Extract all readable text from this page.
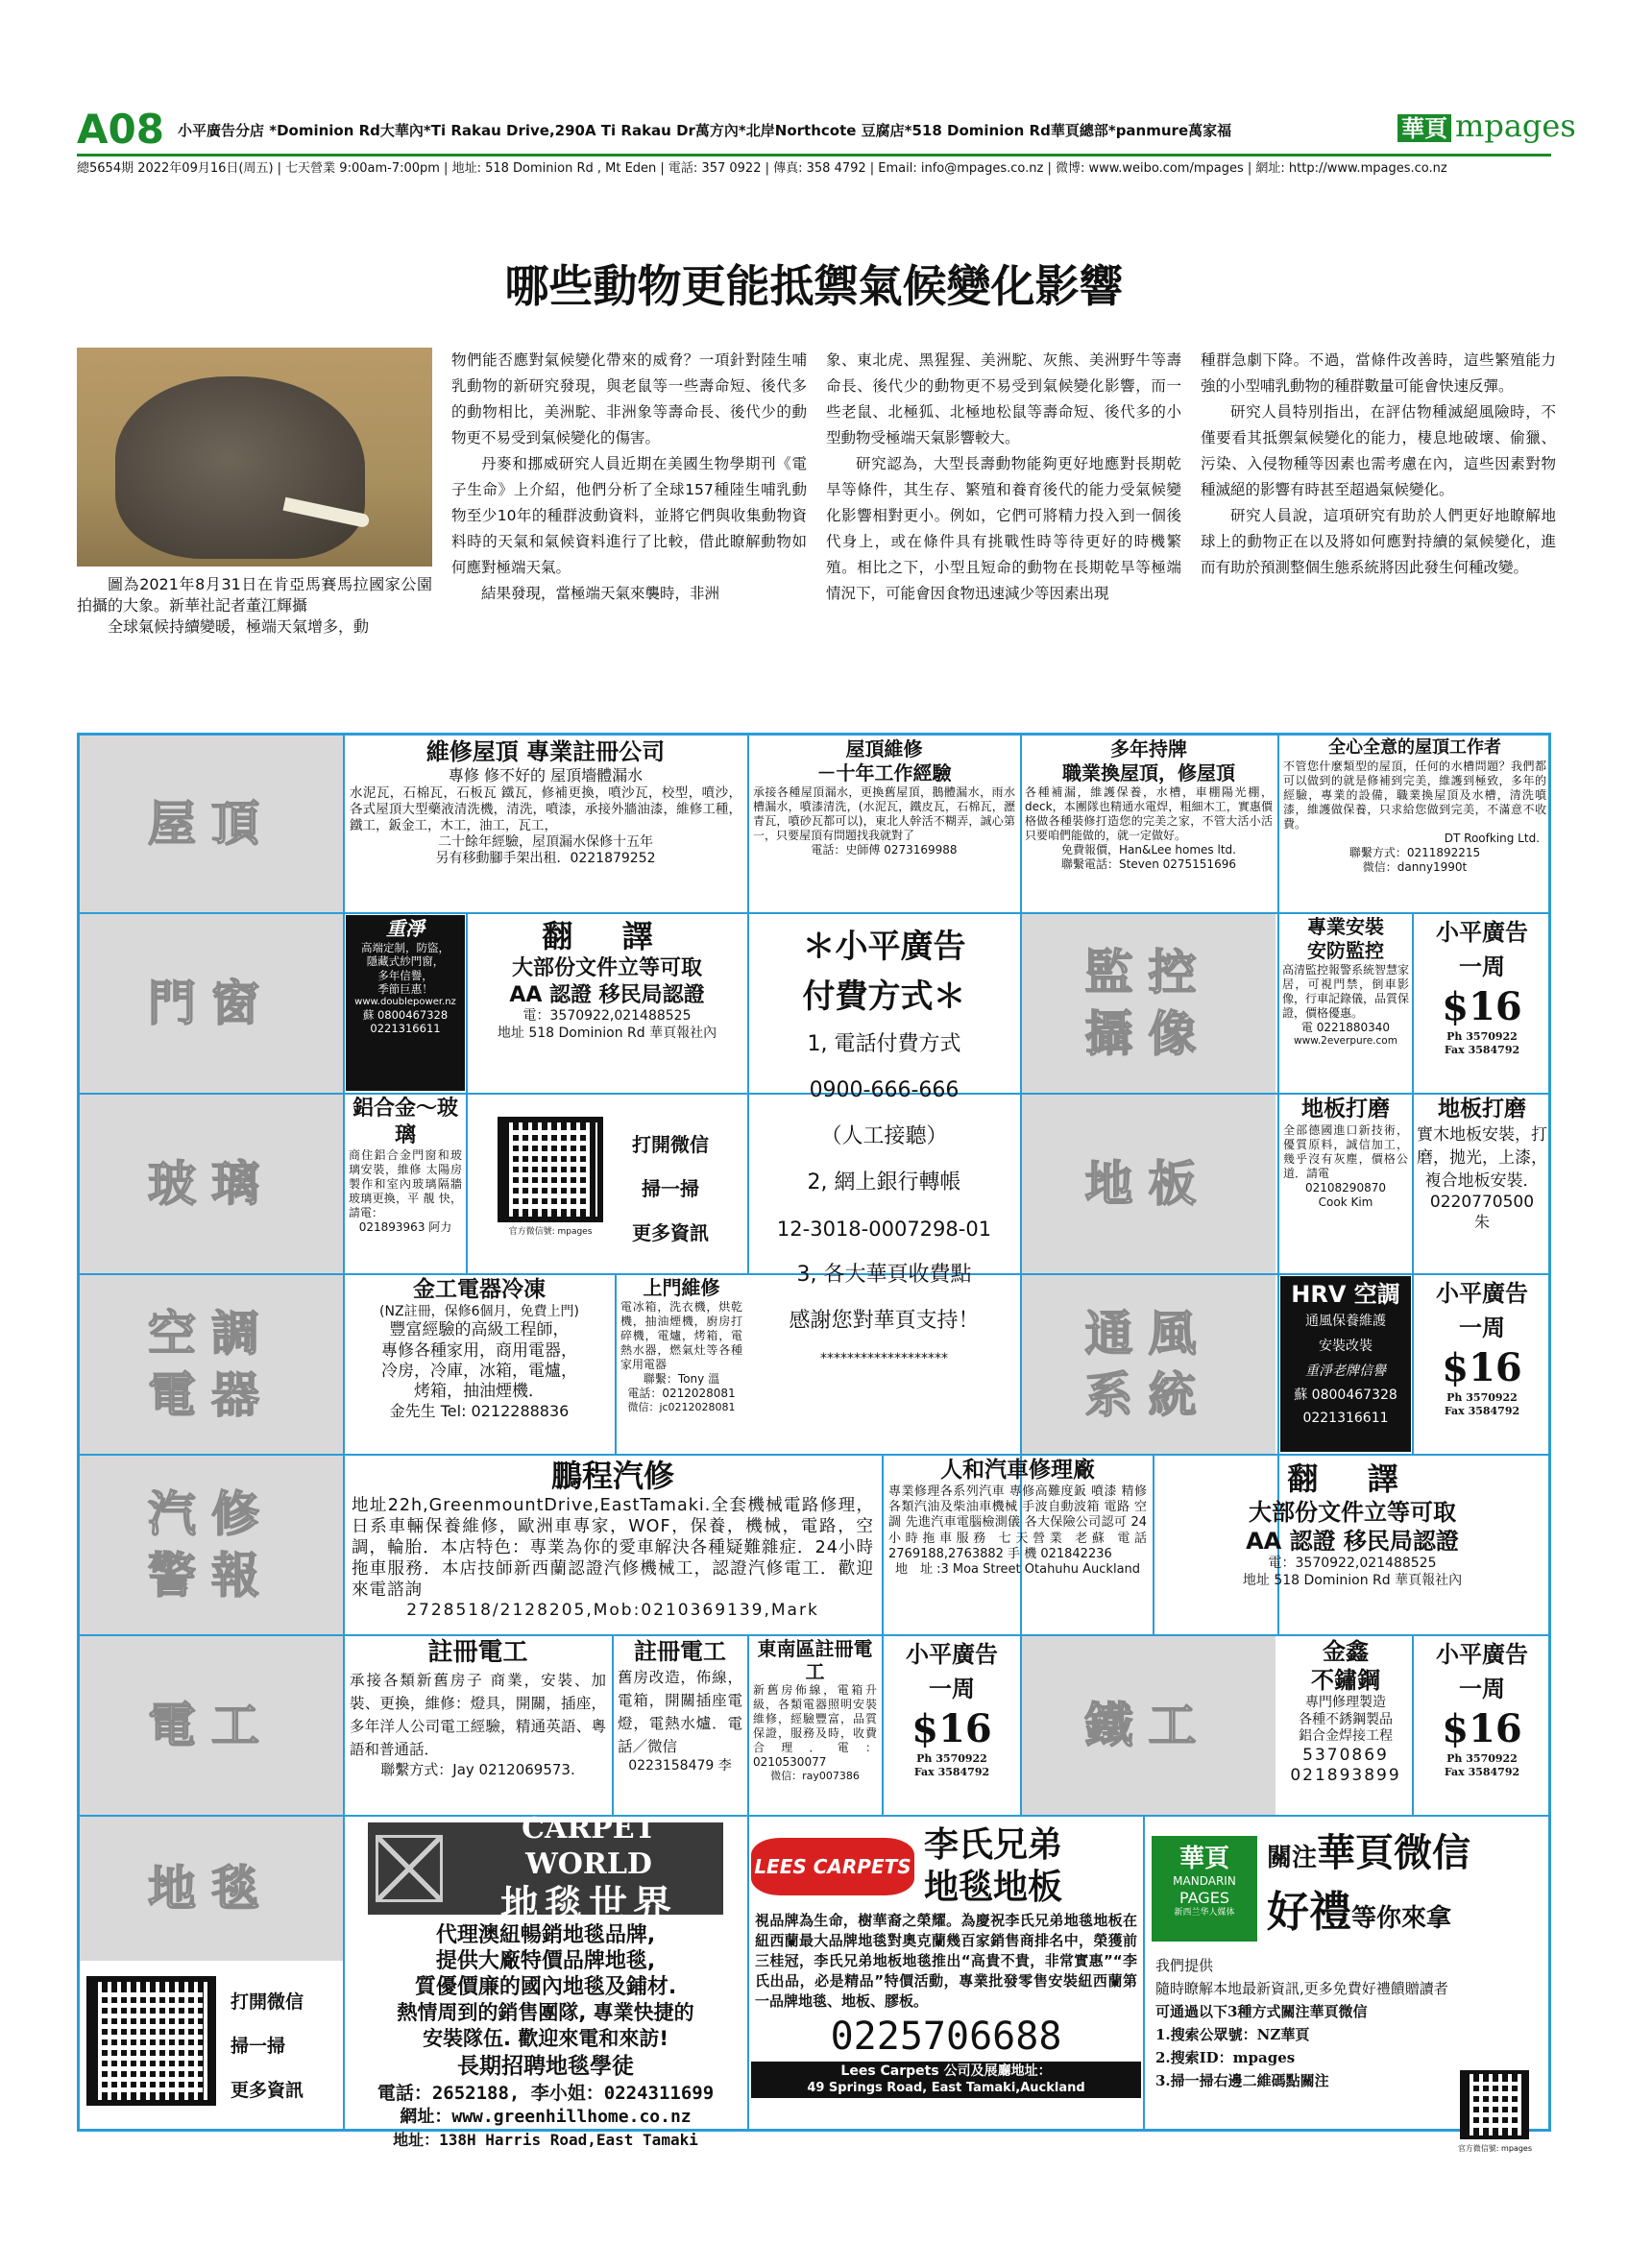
A08 小平廣告分店 *Dominion Rd大華內*Ti Rakau Drive,290A Ti Rakau Dr萬方內*北岸Northcote 豆腐店*518 Dominion Rd華頁總部*panmure萬家福	華頁 mpages
總5654期 2022年09月16日(周五) | 七天營業 9:00am-7:00pm | 地址: 518 Dominion Rd , Mt Eden | 電話: 357 0922 | 傳真: 358 4792 | Email: info@mpages.co.nz | 微博: www.weibo.com/mpages | 網址: http://www.mpages.co.nz
哪些動物更能抵禦氣候變化影響

圖為2021年8月31日在肯亞馬賽馬拉國家公園拍攝的大象。新華社記者董江輝攝

全球氣候持續變暖，極端天氣增多，動

物們能否應對氣候變化帶來的威脅？一項針對陸生哺乳動物的新研究發現，與老鼠等一些壽命短、後代多的動物相比，美洲駝、非洲象等壽命長、後代少的動物更不易受到氣候變化的傷害。

丹麥和挪威研究人員近期在美國生物學期刊《電子生命》上介紹，他們分析了全球157種陸生哺乳動物至少10年的種群波動資料，並將它們與收集動物資料時的天氣和氣候資料進行了比較，借此瞭解動物如何應對極端天氣。

結果發現，當極端天氣來襲時，非洲

象、東北虎、黑猩猩、美洲駝、灰熊、美洲野牛等壽命長、後代少的動物更不易受到氣候變化影響，而一些老鼠、北極狐、北極地松鼠等壽命短、後代多的小型動物受極端天氣影響較大。

研究認為，大型長壽動物能夠更好地應對長期乾旱等條件，其生存、繁殖和養育後代的能力受氣候變化影響相對更小。例如，它們可將精力投入到一個後代身上，或在條件具有挑戰性時等待更好的時機繁殖。相比之下，小型且短命的動物在長期乾旱等極端情況下，可能會因食物迅速減少等因素出現

種群急劇下降。不過，當條件改善時，這些繁殖能力強的小型哺乳動物的種群數量可能會快速反彈。

研究人員特別指出，在評估物種滅絕風險時，不僅要看其抵禦氣候變化的能力，棲息地破壞、偷獵、污染、入侵物種等因素也需考慮在內，這些因素對物種滅絕的影響有時甚至超過氣候變化。

研究人員說，這項研究有助於人們更好地瞭解地球上的動物正在以及將如何應對持續的氣候變化，進而有助於預測整個生態系統將因此發生何種改變。

屋頂
門窗
玻璃
空調電器
汽修警報
電工
地毯
監控攝像
地板
通風系統
鐵工

維修屋頂 專業註冊公司

專修 修不好的 屋頂墻體漏水

水泥瓦，石棉瓦，石板瓦 鐵瓦，修補更換，噴沙瓦，校型，噴沙，各式屋頂大型藥液清洗機，清洗，噴漆，承接外牆油漆，維修工種，鐵工，鈑金工，木工，油工，瓦工，

二十餘年經驗，屋頂漏水保修十五年

另有移動腳手架出租．0221879252

屋頂維修

－十年工作經驗

承接各種屋頂漏水，更換舊屋頂，鵝體漏水，雨水槽漏水，噴漆清洗，(水泥瓦，鐵皮瓦，石棉瓦，瀝青瓦，噴砂瓦都可以)，東北人幹活不糊弄，誠心第一，只要屋頂有問題找我就對了

電話：史師傅 0273169988

多年持牌

職業換屋頂，修屋頂

各種補漏，維護保養，水槽，車棚陽光棚，deck，本團隊也精通水電焊，粗細木工，實惠價格做各種裝修打造您的完美之家，不管大活小活只要咱們能做的，就一定做好。

免費報價，Han&Lee homes ltd.

聯繫電話：Steven 0275151696

全心全意的屋頂工作者

不管您什麼類型的屋頂，任何的水槽問題？我們都可以做到的就是修補到完美，維護到極致，多年的經驗，專業的設備，職業換屋頂及水槽，清洗噴漆，維護做保養，只求給您做到完美，不滿意不收費。

DT Roofking Ltd.

聯繫方式：0211892215

微信：danny1990t

重淨

高端定制，防盜，

隱藏式紗門窗，

多年信譽，

季節巨惠！

www.doublepower.nz

蘇 0800467328

0221316611

翻 譯

大部份文件立等可取

AA 認證 移民局認證

電：3570922,021488525

地址 518 Dominion Rd 華頁報社內

＊小平廣告

付費方式＊

1, 電話付費方式

0900-666-666

（人工接聽）

2, 網上銀行轉帳

12-3018-0007298-01

3, 各大華頁收費點

感謝您對華頁支持！

*******************

專業安裝

安防監控

高清監控報警系統智慧家居，可視門禁，倒車影像，行車記錄儀，品質保證，價格優惠。

電 0221880340

www.2everpure.com

小平廣告

一周

$16

Ph 3570922

Fax 3584792

鋁合金～玻璃

商住鋁合金門窗和玻璃安裝，維修 太陽房製作和室內玻璃隔牆 玻璃更換，平 靚 快，請電：

021893963 阿力	官方微信號: mpages

打開微信

掃一掃

更多資訊

地板打磨

全部德國進口新技術，優質原料，誠信加工，幾乎沒有灰塵，價格公道．請電

02108290870

Cook Kim

地板打磨

實木地板安裝，打磨，拋光，上漆，複合地板安裝．

0220770500

朱

金工電器冷凍

(NZ註冊，保修6個月，免費上門)

豐富經驗的高級工程師，

專修各種家用，商用電器，

冷房，冷庫，冰箱，電爐，

烤箱，抽油煙機．

金先生 Tel: 0212288836

上門維修

電冰箱，洗衣機，烘乾機，抽油煙機，廚房打碎機，電爐，烤箱，電熱水器，燃氣灶等各種家用電器

聯繫：Tony 溫

電話：0212028081

微信：jc0212028081

HRV 空調

通風保養維護

安裝改裝

重淨老牌信譽

蘇 0800467328

0221316611

小平廣告

一周

$16

Ph 3570922

Fax 3584792

鵬程汽修

地址22h,GreenmountDrive,EastTamaki.全套機械電路修理，日系車輛保養維修，歐洲車專家，WOF，保養，機械，電路，空調，輪胎．本店特色：專業為你的愛車解決各種疑難雜症．24小時拖車服務．本店技師新西蘭認證汽修機械工，認證汽修電工．歡迎來電諮詢

2728518/2128205,Mob:0210369139,Mark

人和汽車修理廠

專業修理各系列汽車 專修高難度鈑 噴漆 精修各類汽油及柴油車機械 手波自動波箱 電路 空調 先進汽車電腦檢測儀 各大保險公司認可 24小時拖車服務 七天營業 老蘇 電話2769188,2763882 手 機 021842236

地　址 :3 Moa Street Otahuhu Auckland

翻 譯

大部份文件立等可取

AA 認證 移民局認證

電：3570922,021488525

地址 518 Dominion Rd 華頁報社內

註冊電工

承接各類新舊房子 商業，安裝、加裝、更換，維修：燈具，開關，插座，多年洋人公司電工經驗，精通英語、粵語和普通話．

聯繫方式：Jay 0212069573.

註冊電工

舊房改造，佈線，電箱，開關插座電燈，電熱水爐．電話／微信

0223158479 李

東南區註冊電工

新舊房佈線，電箱升級，各類電器照明安裝維修，經驗豐富，品質保證，服務及時，收費合理．電：0210530077

微信：ray007386

小平廣告

一周

$16

Ph 3570922

Fax 3584792

金鑫

不鏽鋼

專門修理製造

各種不銹鋼製品

鋁合金焊接工程

5370869

021893899

小平廣告

一周

$16

Ph 3570922

Fax 3584792

打開微信

掃一掃

更多資訊

CARPET WORLD

地毯世界

代理澳紐暢銷地毯品牌,

提供大廠特價品牌地毯,

質優價廉的國內地毯及鋪材.

熱情周到的銷售團隊, 專業快捷的

安裝隊伍. 歡迎來電和來訪!

長期招聘地毯學徒

電話：2652188, 李小姐：0224311699

網址：www.greenhillhome.co.nz

地址：138H Harris Road,East Tamaki

LEES CARPETS

李氏兄弟

地毯地板

視品牌為生命，樹華裔之榮耀。為慶祝李氏兄弟地毯地板在紐西蘭最大品牌地毯對奧克蘭幾百家銷售商排名中，榮獲前三桂冠，李氏兄弟地板地毯推出“高貴不貴，非常實惠”“李氏出品，必是精品”特價活動，專業批發零售安裝紐西蘭第一品牌地毯、地板、膠板。

0225706688

Lees Carpets 公司及展廳地址：

49 Springs Road, East Tamaki,Auckland

華頁

MANDARIN

PAGES

新西兰华人媒体

關注華頁微信

好禮等你來拿

我們提供

隨時瞭解本地最新資訊,更多免費好禮饋贈讀者

可通過以下3種方式關注華頁微信

1.搜索公眾號：NZ華頁

2.搜索ID：mpages

3.掃一掃右邊二維碼點關注

官方微信號: mpages
